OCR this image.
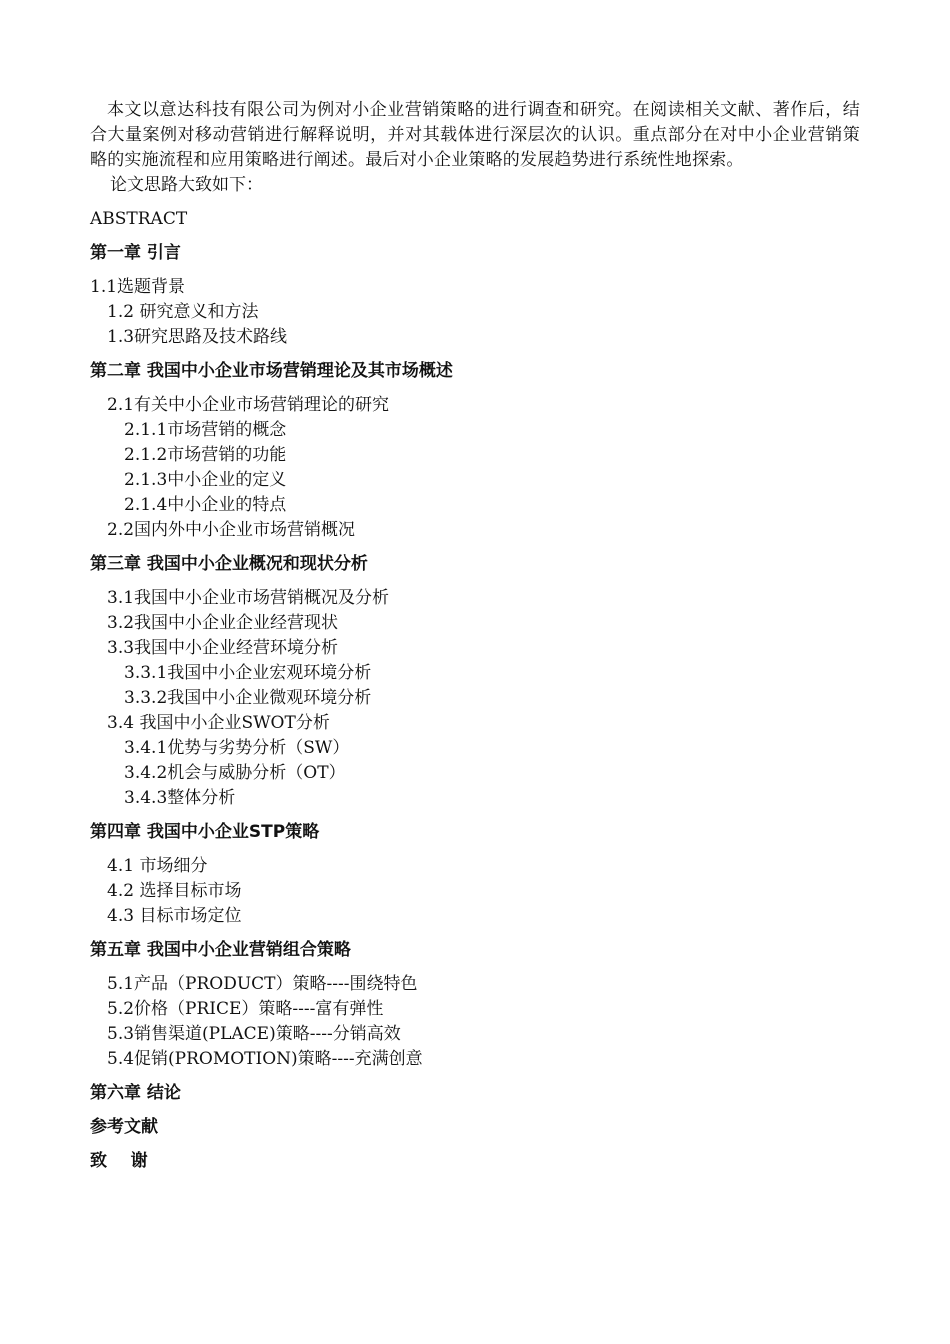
本文以意达科技有限公司为例对小企业营销策略的进行调查和研究。在阅读相关文献、著作后，结合大量案例对移动营销进行解释说明，并对其载体进行深层次的认识。重点部分在对中小企业营销策略的实施流程和应用策略进行阐述。最后对小企业策略的发展趋势进行系统性地探索。

论文思路大致如下：

ABSTRACT

第一章 引言

1.1选题背景

1.2 研究意义和方法

1.3研究思路及技术路线

第二章 我国中小企业市场营销理论及其市场概述

2.1有关中小企业市场营销理论的研究

2.1.1市场营销的概念

2.1.2市场营销的功能

2.1.3中小企业的定义

2.1.4中小企业的特点

2.2国内外中小企业市场营销概况

第三章 我国中小企业概况和现状分析

3.1我国中小企业市场营销概况及分析

3.2我国中小企业企业经营现状

3.3我国中小企业经营环境分析

3.3.1我国中小企业宏观环境分析

3.3.2我国中小企业微观环境分析

3.4 我国中小企业SWOT分析

3.4.1优势与劣势分析（SW）

3.4.2机会与威胁分析（OT）

3.4.3整体分析

第四章 我国中小企业STP策略

4.1 市场细分

4.2 选择目标市场

4.3 目标市场定位

第五章 我国中小企业营销组合策略

5.1产品（PRODUCT）策略----围绕特色

5.2价格（PRICE）策略----富有弹性

5.3销售渠道(PLACE)策略----分销高效

5.4促销(PROMOTION)策略----充满创意

第六章 结论

参考文献

致    谢
